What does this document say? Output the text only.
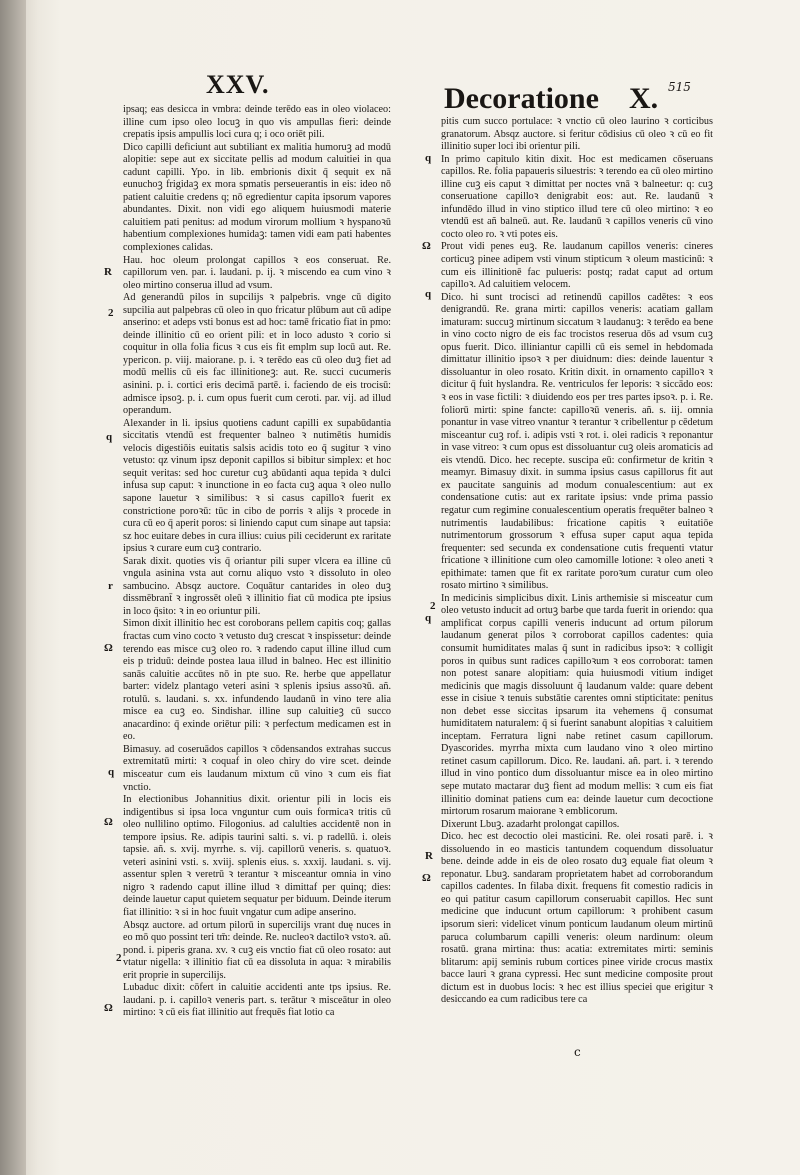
XXV.	Decoratione X. 515
R
2
q
r
Ω
q
Ω
2
Ω
q
Ω
q
2
q
R
Ω

ipsaq; eas desicca in vmbra: deinde terēdo eas in oleo violaceo: illine cum ipso oleo locuꝫ in quo vis ampullas fieri: deinde crepatis ipsis ampullis loci cura q; i oco oriēt pili.

Dico capilli deficiunt aut subtiliant ex malitia humoruꝫ ad modū alopitie: sepe aut ex siccitate pellis ad modum caluitiei in qua cadunt capilli. Ypo. in lib. embrionis dixit q̄ sequit ex nā eunuchoꝫ frigidaꝫ ex mora spmatis perseuerantis in eis: ideo nō patient caluitie credens q; nō egredientur capita ipsorum vapores abundantes. Dixit. non vidi ego aliquem huiusmodi materie caluitiem pati penitus: ad modum virorum mollium ꝛ hyspanoꝛū habentium complexiones humidaꝫ: tamen vidi eam pati habentes complexiones calidas.

Hau. hoc oleum prolongat capillos ꝛ eos conseruat. Re. capillorum ven. par. i. laudani. p. ij. ꝛ miscendo ea cum vino ꝛ oleo mirtino conserua illud ad vsum.

Ad generandū pilos in supcilijs ꝛ palpebris. vnge cū digito supcilia aut palpebras cū oleo in quo fricatur plūbum aut cū adipe anserino: et adeps vsti bonus est ad hoc: tamē fricatio fiat in pmo: deinde illinitio cū eo orient pili: et in loco adusto ꝛ corio si coquitur in olla folia ficus ꝛ cus eis fit emplm sup locū aut. Re. ypericon. p. viij. maiorane. p. i. ꝛ terēdo eas cū oleo duꝫ fiet ad modū mellis cū eis fac illinitioneꝫ: aut. Re. succi cucumeris asinini. p. i. cortici eris decimā partē. i. faciendo de eis trocisū: admisce ipsoꝫ. p. i. cum opus fuerit cum ceroti. par. vij. ad illud operandum.

Alexander in li. ipsius quotiens cadunt capilli ex supabūdantia siccitatis vtendū est frequenter balneo ꝛ nutimētis humidis velocis digestiōis euitatis salsis acidis toto eo q̄ sugitur ꝛ vino vetusto: qz vinum ipsz deponit capillos si bibitur simplex: et hoc sequit veritas: sed hoc curetur cuꝫ abūdanti aqua tepida ꝛ dulci infusa sup caput: ꝛ inunctione in eo facta cuꝫ aqua ꝛ oleo nullo sapone lauetur ꝛ similibus: ꝛ si casus capilloꝛ fuerit ex constrictione poroꝛū: tūc in cibo de porris ꝛ alijs ꝛ procede in cura cū eo q̄ aperit poros: si liniendo caput cum sinape aut tapsia: sz hoc euitare debes in cura illius: cuius pili ceciderunt ex raritate ipsius ꝛ curare eum cuꝫ contrario.

Sarak dixit. quoties vis q̄ oriantur pili super vlcera ea illine cū vngula asinina vsta aut cornu aliquo vsto ꝛ dissoluto in oleo sambucino. Absqz auctore. Coquātur cantarides in oleo duꝫ dissmēbrant̄ ꝛ ingrossēt oleū ꝛ illinitio fiat cū modica pte ipsius in loco q̄sito: ꝛ in eo oriuntur pili.

Simon dixit illinitio hec est coroborans pellem capitis coq; gallas fractas cum vino cocto ꝛ vetusto duꝫ crescat ꝛ inspissetur: deinde terendo eas misce cuꝫ oleo ro. ꝛ radendo caput illine illud cum eis p triduū: deinde postea laua illud in balneo. Hec est illinitio sanās caluitie accūtes nō in pte suo. Re. herbe que appellatur barter: videlz plantago veteri asini ꝛ splenis ipsius assoꝛū. añ. rotulū. s. laudani. s. xx. infundendo laudanū in vino tere alia misce ea cuꝫ eo. Sindishar. illine sup caluitieꝫ cū succo anacardino: q̄ exinde oriētur pili: ꝛ perfectum medicamen est in eo.

Bimasuy. ad coseruādos capillos ꝛ cōdensandos extrahas succus extremitatū mirti: ꝛ coquaf in oleo chiry do vire scet. deinde misceatur cum eis laudanum mixtum cū vino ꝛ cum eis fiat vnctio.

In electionibus Johannitius dixit. orientur pili in locis eis indigentibus si ipsa loca vnguntur cum ouis formicaꝛ tritis cū oleo nullilino optimo. Filogonius. ad calulties accidentē non in tempore ipsius. Re. adipis taurini salti. s. vi. p radellū. i. oleis tapsie. añ. s. xvij. myrrhe. s. vij. capillorū veneris. s. quatuoꝛ. veteri asinini vsti. s. xviij. splenis eius. s. xxxij. laudani. s. vij. assentur splen ꝛ veretrū ꝛ terantur ꝛ misceantur omnia in vino nigro ꝛ radendo caput illine illud ꝛ dimittaf per quinq; dies: deinde lauetur caput quietem sequatur per biduum. Deinde iterum fiat illinitio: ꝛ si in hoc fuuit vngatur cum adipe anserino.

Absqz auctore. ad ortum pilorū in supercilijs vrant duę nuces in eo mō quo possint teri tm̄: deinde. Re. nucleoꝛ dactiloꝛ vstoꝛ. aū. pond. i. piperis grana. xv. ꝛ cuꝫ eis vnctio fiat cū oleo rosato: aut vtatur nigella: ꝛ illinitio fiat cū ea dissoluta in aqua: ꝛ mirabilis erit proprie in supercilijs.

Lubaduc dixit: cōfert in caluitie accidenti ante tps ipsius. Re. laudani. p. i. capilloꝛ veneris part. s. terātur ꝛ misceātur in oleo mirtino: ꝛ cū eis fiat illinitio aut frequēs fiat lotio ca

pitis cum succo portulace: ꝛ vnctio cū oleo laurino ꝛ corticibus granatorum. Absqz auctore. si feritur cōdisius cū oleo ꝛ cū eo fit illinitio super loci ibi orientur pili.

In primo capitulo kitin dixit. Hoc est medicamen cōseruans capillos. Re. folia papaueris siluestris: ꝛ terendo ea cū oleo mirtino illine cuꝫ eis caput ꝛ dimittat per noctes vnā ꝛ balneetur: q: cuꝫ conseruatione capilloꝛ denigrabit eos: aut. Re. laudanū ꝛ infundēdo illud in vino stiptico illud tere cū oleo mirtino: ꝛ eo vtendū est añ balneū. aut. Re. laudanū ꝛ capillos veneris cū vino cocto oleo ro. ꝛ vti potes eis.

Prout vidi penes euꝫ. Re. laudanum capillos veneris: cineres corticuꝫ pinee adipem vsti vinum stipticum ꝛ oleum masticinū: ꝛ cum eis illinitionē fac pulueris: postq; radat caput ad ortum capilloꝛ. Ad caluitiem velocem.

Dico. hi sunt trocisci ad retinendū capillos cadētes: ꝛ eos denigrandū. Re. grana mirti: capillos veneris: acatiam gallam imaturam: succuꝫ mirtinum siccatum ꝛ laudanuꝫ: ꝛ terēdo ea bene in vino cocto nigro de eis fac trocistos reserua dōs ad vsum cuꝫ opus fuerit. Dico. illiniantur capilli cū eis semel in hebdomada dimittatur illinitio ipsoꝛ ꝛ per diuidnum: dies: deinde lauentur ꝛ dissoluantur in oleo rosato. Kritin dixit. in ornamento capilloꝛ ꝛ dicitur q̄ fuit hyslandra. Re. ventriculos fer leporis: ꝛ siccādo eos: ꝛ eos in vase fictili: ꝛ diuidendo eos per tres partes ipsoꝛ. p. i. Re. foliorū mirti: spine fancte: capilloꝛū veneris. añ. s. iij. omnia ponantur in vase vitreo vnantur ꝛ terantur ꝛ cribellentur p cēdetum misceantur cuꝫ rof. i. adipis vsti ꝛ rot. i. olei radicis ꝛ reponantur in vase vitreo: ꝛ cum opus est dissoluantur cuꝫ oleis aromaticis ad eis vtendū. Dico. hec recepte. suscipa eū: confirmetur de kritin ꝛ meamyr. Bimasuy dixit. in summa ipsius casus capillorus fit aut ex paucitate sanguinis ad modum conualescentium: aut ex condensatione cutis: aut ex raritate ipsius: vnde prima passio regatur cum regimine conualescentium operatis frequēter balneo ꝛ nutrimentis laudabilibus: fricatione capitis ꝛ euitatiōe nutrimentorum grossorum ꝛ effusa super caput aqua tepida frequenter: sed secunda ex condensatione cutis frequenti vtatur fricatione ꝛ illinitione cum oleo camomille lotione: ꝛ oleo aneti ꝛ epithimate: tamen que fit ex raritate poroꝛum curatur cum oleo rosato mirtino ꝛ similibus.

In medicinis simplicibus dixit. Linis arthemisie si misceatur cum oleo vetusto inducit ad ortuꝫ barbe que tarda fuerit in oriendo: qua amplificat corpus capilli veneris inducunt ad ortum pilorum laudanum generat pilos ꝛ corroborat capillos cadentes: quia consumit humiditates malas q̄ sunt in radicibus ipsoꝛ: ꝛ colligit poros in quibus sunt radices capilloꝛum ꝛ eos corroborat: tamen non potest sanare alopitiam: quia huiusmodi vitium indiget medicinis que magis dissoluunt q̄ laudanum valde: quare debent esse in cisiue ꝛ tenuis substātie carentes omni stipticitate: penitus non debet esse siccitas ipsarum ita vehemens q̄ consumat humiditatem naturalem: q̄ si fuerint sanabunt alopitias ꝛ caluitiem inceptam. Ferratura ligni nabe retinet casum capillorum. Dyascorides. myrrha mixta cum laudano vino ꝛ oleo mirtino retinet casum capillorum. Dico. Re. laudani. añ. part. i. ꝛ terendo illud in vino pontico dum dissoluantur misce ea in oleo mirtino sepe mutato mactarar duꝫ fient ad modum mellis: ꝛ cum eis fiat illinitio dominat patiens cum ea: deinde lauetur cum decoctione mirtorum rosarum maiorane ꝛ emblicorum.

Dixerunt Lbuꝫ. azadarht prolongat capillos.

Dico. hec est decoctio olei masticini. Re. olei rosati parē. i. ꝛ dissoluendo in eo masticis tantundem coquendum dissoluatur bene. deinde adde in eis de oleo rosato duꝫ equale fiat oleum ꝛ reponatur. Lbuꝫ. sandaram proprietatem habet ad corroborandum capillos cadentes. In filaba dixit. frequens fit comestio radicis in eo qui patitur casum capillorum conseruabit capillos. Hec sunt medicine que inducunt ortum capillorum: ꝛ prohibent casum ipsorum sieri: videlicet vinum ponticum laudanum oleum mirtinū paruca columbarum capilli veneris: oleum nardinum: oleum rosatū. grana mirtina: thus: acatia: extremitates mirti: seminis blitarum: apij seminis rubum cortices pinee viride crocus mastix bacce lauri ꝛ grana cypressi. Hec sunt medicine composite prout dictum est in duobus locis: ꝛ hec est illius speciei que erigitur ꝛ desiccando ea cum radicibus tere ca

c
